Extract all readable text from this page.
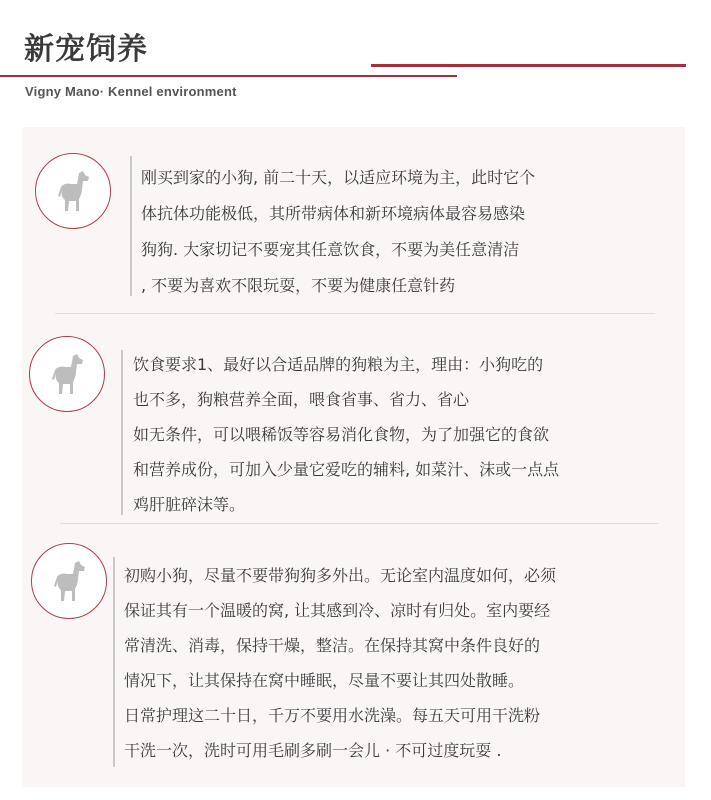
新宠饲养
Vigny Mano· Kennel environment

刚买到家的小狗, 前二十天，以适应环境为主，此时它个

体抗体功能极低，其所带病体和新环境病体最容易感染

狗狗. 大家切记不要宠其任意饮食，不要为美任意清洁

, 不要为喜欢不限玩耍，不要为健康任意针药

饮食要求1、最好以合适品牌的狗粮为主，理由：小狗吃的

也不多，狗粮营养全面，喂食省事、省力、省心

如无条件，可以喂稀饭等容易消化食物，为了加强它的食欲

和营养成份，可加入少量它爱吃的辅料, 如菜汁、沫或一点点

鸡肝脏碎沫等。

初购小狗，尽量不要带狗狗多外出。无论室内温度如何，必须

保证其有一个温暖的窝, 让其感到冷、凉时有归处。室内要经

常清洗、消毒，保持干燥，整洁。在保持其窝中条件良好的

情况下，让其保持在窝中睡眠，尽量不要让其四处散睡。

日常护理这二十日，千万不要用水洗澡。每五天可用干洗粉

干洗一次，洗时可用毛刷多刷一会儿 · 不可过度玩耍 .
